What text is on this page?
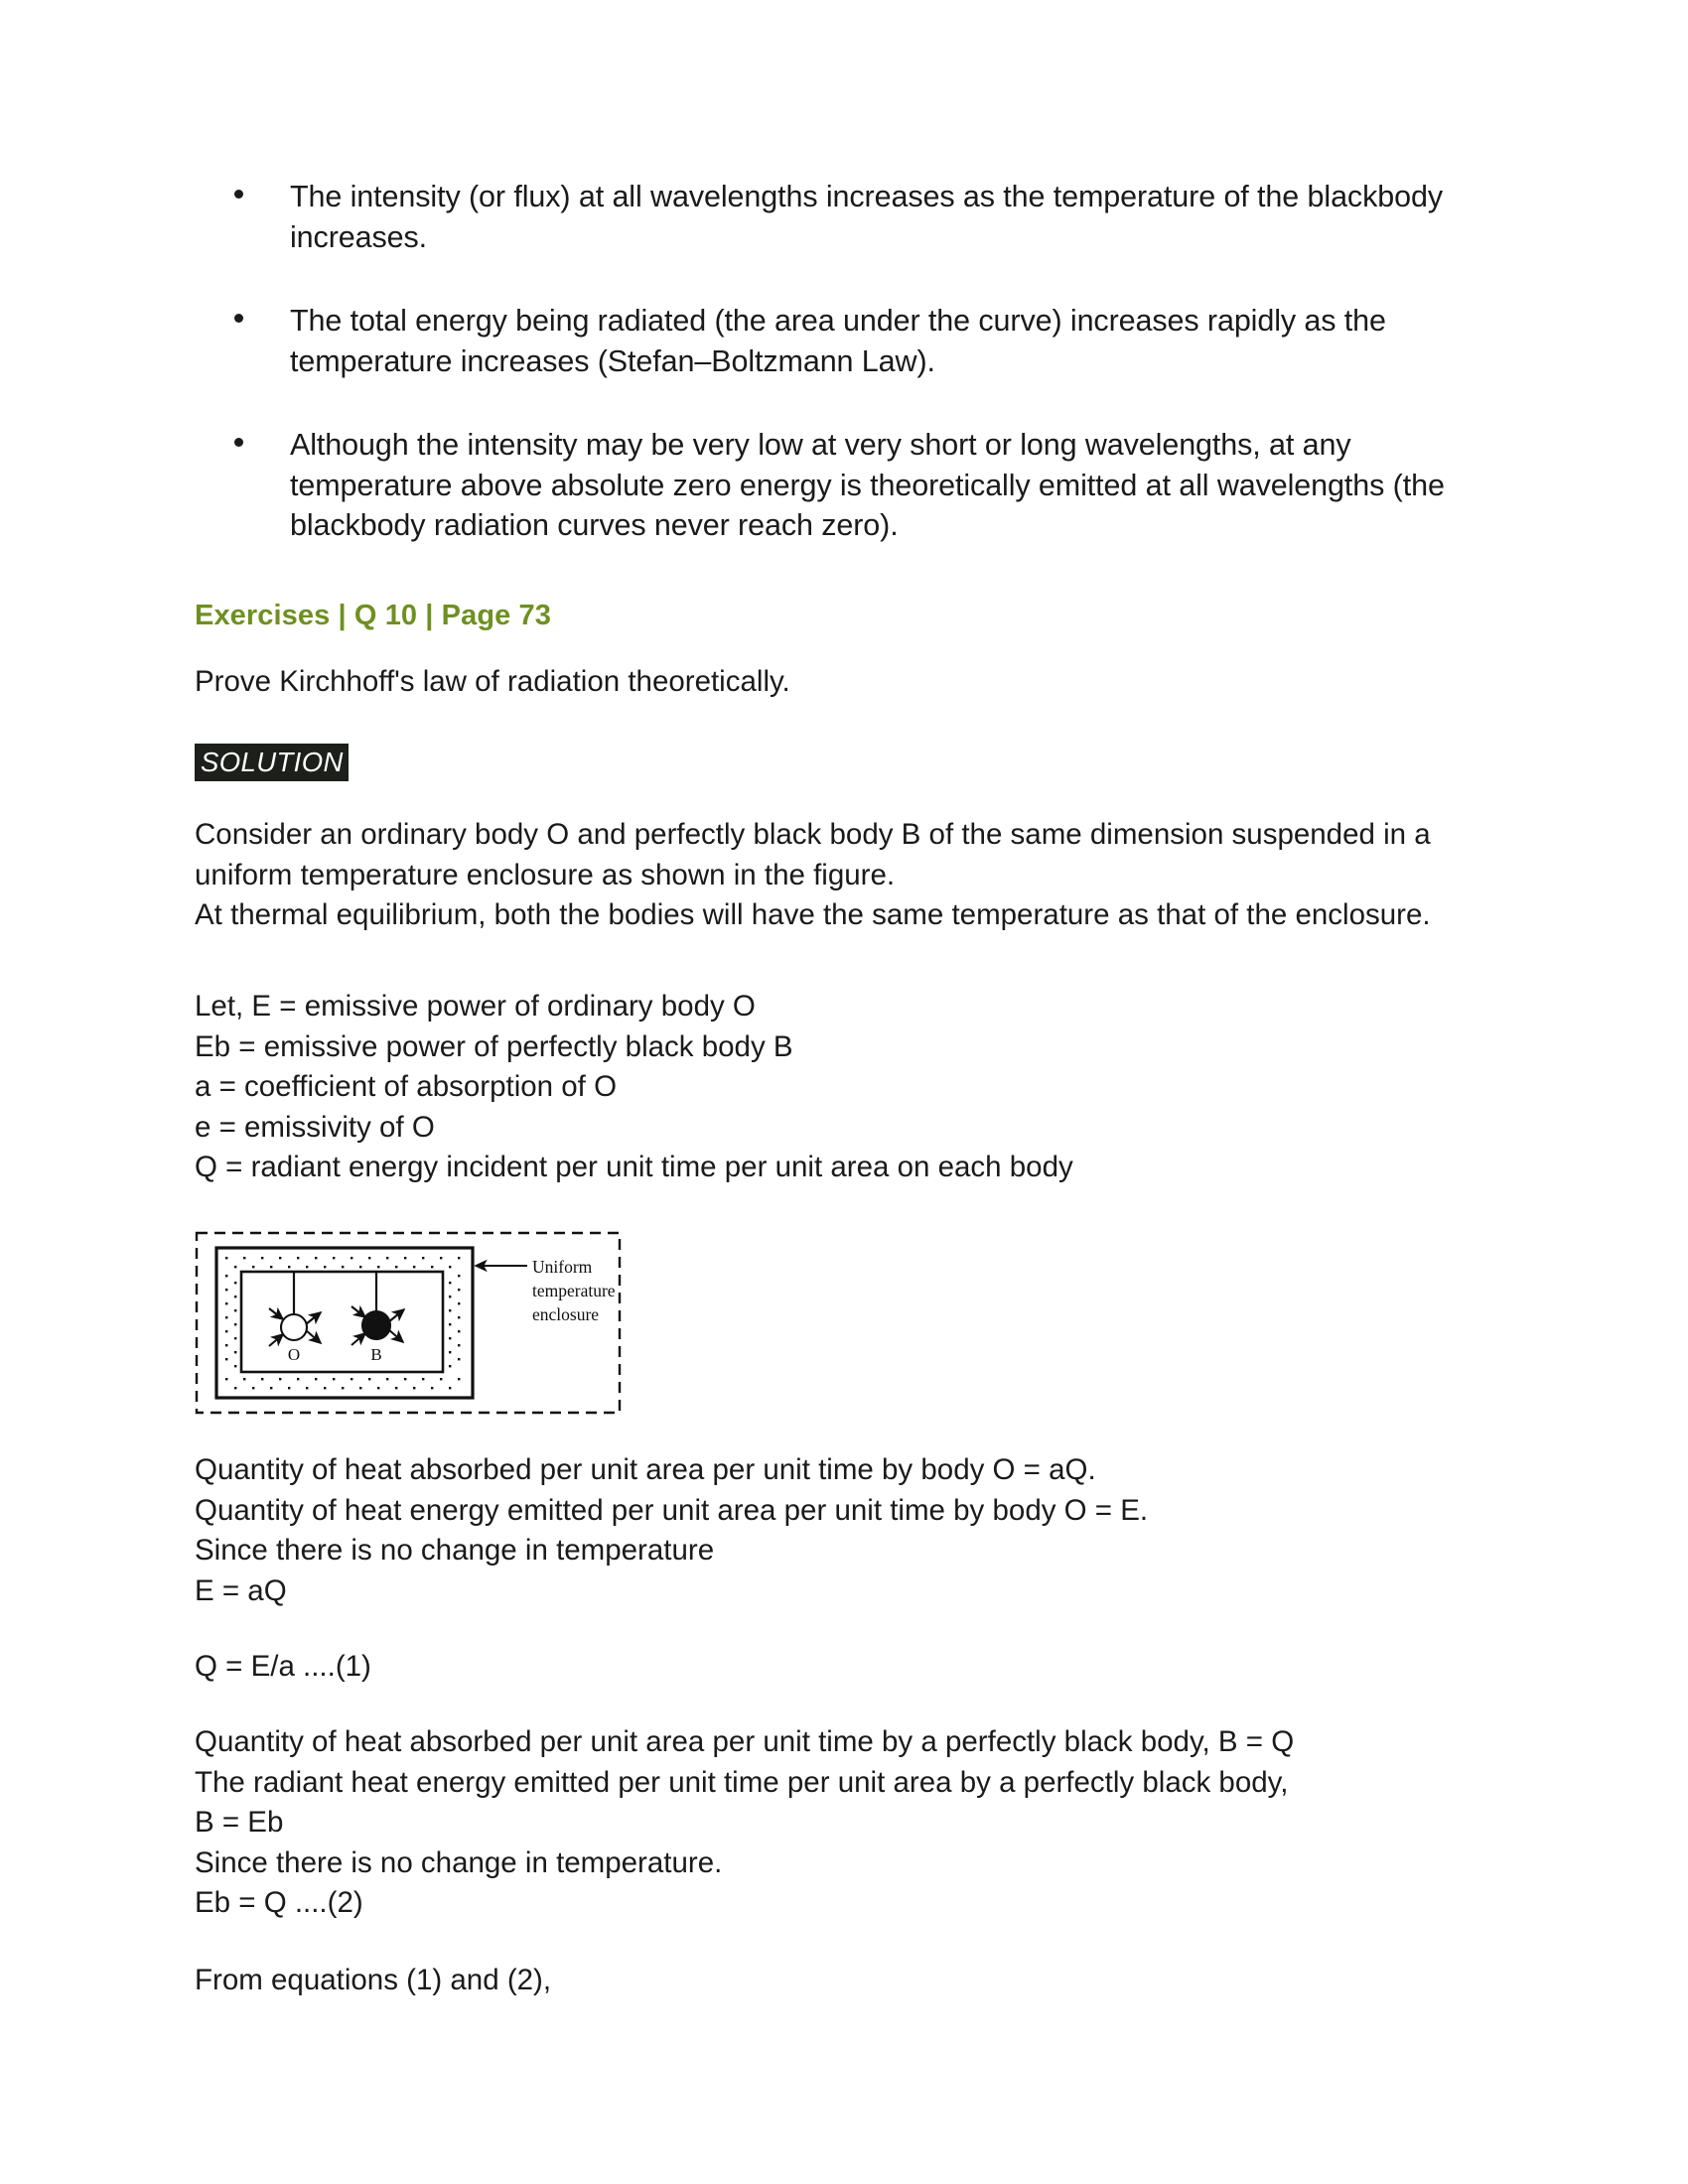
The intensity (or flux) at all wavelengths increases as the temperature of the blackbody increases.
The total energy being radiated (the area under the curve) increases rapidly as the temperature increases (Stefan–Boltzmann Law).
Although the intensity may be very low at very short or long wavelengths, at any temperature above absolute zero energy is theoretically emitted at all wavelengths (the blackbody radiation curves never reach zero).
Exercises | Q 10 | Page 73
Prove Kirchhoff's law of radiation theoretically.
SOLUTION
Consider an ordinary body O and perfectly black body B of the same dimension suspended in a uniform temperature enclosure as shown in the figure.
At thermal equilibrium, both the bodies will have the same temperature as that of the enclosure.
Let, E = emissive power of ordinary body O
Eb = emissive power of perfectly black body B
a = coefficient of absorption of O
e = emissivity of O
Q = radiant energy incident per unit time per unit area on each body
O	B
Uniform
temperature
enclosure
Quantity of heat absorbed per unit area per unit time by body O = aQ.
Quantity of heat energy emitted per unit area per unit time by body O = E.
Since there is no change in temperature
E = aQ
Q = E/a ....(1)
Quantity of heat absorbed per unit area per unit time by a perfectly black body, B = Q
The radiant heat energy emitted per unit time per unit area by a perfectly black body,
B = Eb
Since there is no change in temperature.
Eb = Q ....(2)
From equations (1) and (2),
